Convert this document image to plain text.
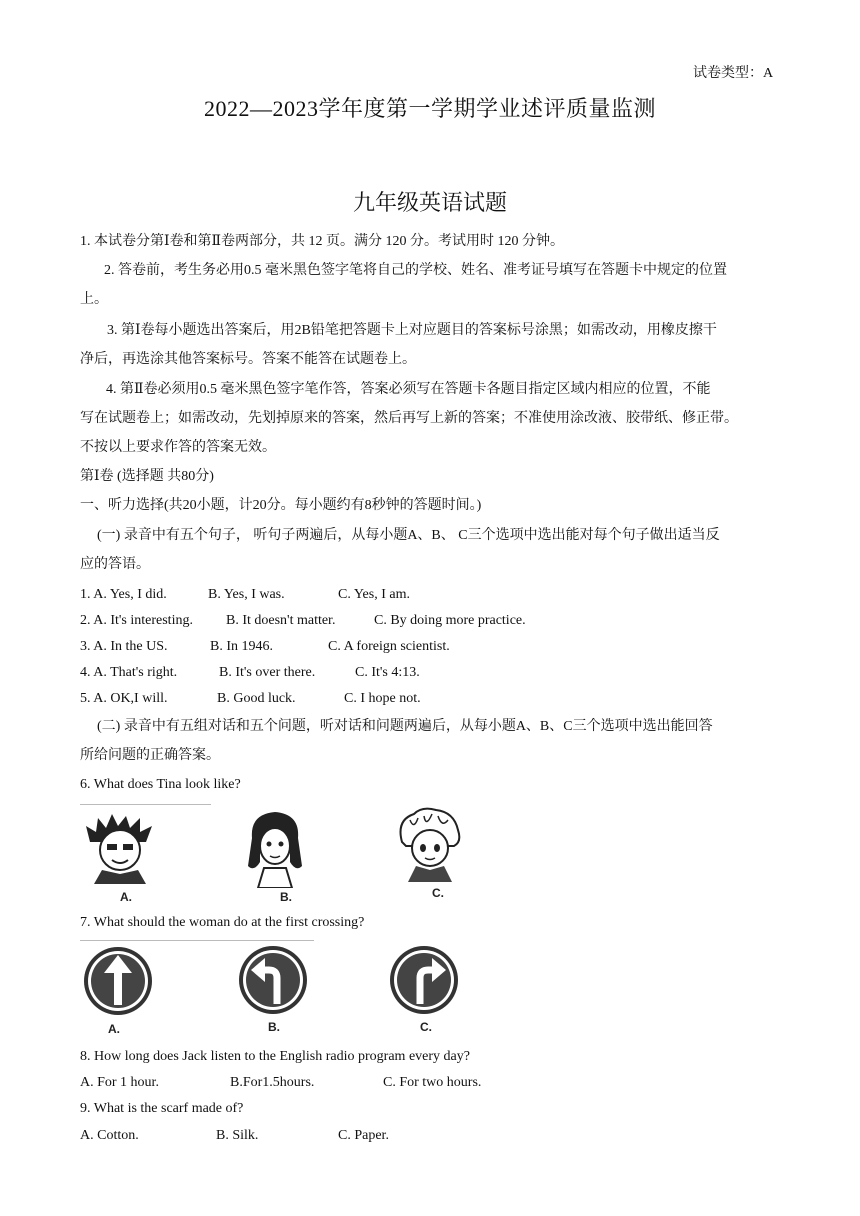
试卷类型：A
2022—2023学年度第一学期学业述评质量监测
九年级英语试题
1. 本试卷分第Ⅰ卷和第Ⅱ卷两部分，共 12 页。满分 120 分。考试用时 120 分钟。
2. 答卷前，考生务必用0.5 毫米黑色签字笔将自己的学校、姓名、准考证号填写在答题卡中规定的位置
上。
3. 第Ⅰ卷每小题选出答案后，用2B铅笔把答题卡上对应题目的答案标号涂黑；如需改动，用橡皮擦干
净后，再选涂其他答案标号。答案不能答在试题卷上。
4. 第Ⅱ卷必须用0.5 毫米黑色签字笔作答，答案必须写在答题卡各题目指定区域内相应的位置，不能
写在试题卷上；如需改动，先划掉原来的答案，然后再写上新的答案；不准使用涂改液、胶带纸、修正带。
不按以上要求作答的答案无效。
第Ⅰ卷 (选择题 共80分)
一、听力选择(共20小题，计20分。每小题约有8秒钟的答题时间。)
(一) 录音中有五个句子， 听句子两遍后，从每小题A、B、 C三个选项中选出能对每个句子做出适当反
应的答语。
1. A. Yes, I did.	B. Yes, I was.	C. Yes, I am.
2. A. It's interesting. B. It doesn't matter.	C. By doing more practice.
3. A. In the US.	B. In 1946.	C. A foreign scientist.
4. A. That's right.	B. It's over there.	C. It's 4:13.
5. A. OK,I will.	B. Good luck.	C. I hope not.
(二) 录音中有五组对话和五个问题，听对话和问题两遍后，从每小题A、B、C三个选项中选出能回答
所给问题的正确答案。
6. What does Tina look like?
A.	B.	C.
7. What should the woman do at the first crossing?
A.	B.	C.
8. How long does Jack listen to the English radio program every day?
A. For 1 hour.	B.For1.5hours.	C. For two hours.
9. What is the scarf made of?
A. Cotton.	B. Silk.	C. Paper.
